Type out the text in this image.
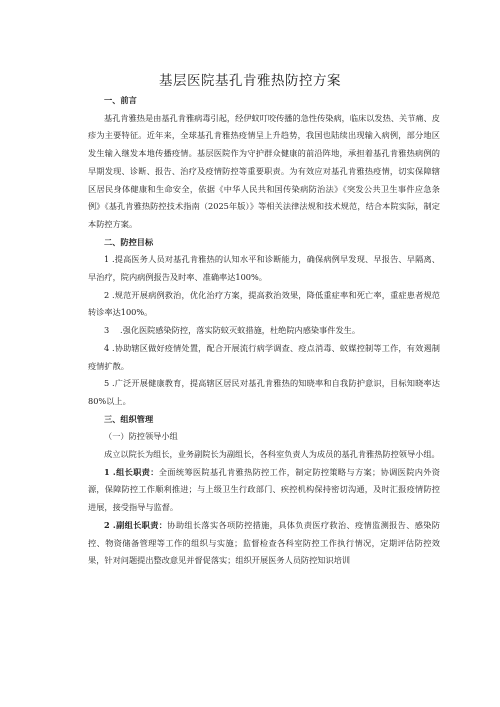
基层医院基孔肯雅热防控方案

一、前言

基孔肯雅热是由基孔肯雅病毒引起，经伊蚊叮咬传播的急性传染病，临床以发热、关节痛、皮疹为主要特征。近年来，全球基孔肯雅热疫情呈上升趋势，我国也陆续出现输入病例，部分地区发生输入继发本地传播疫情。基层医院作为守护群众健康的前沿阵地，承担着基孔肯雅热病例的早期发现、诊断、报告、治疗及疫情防控等重要职责。为有效应对基孔肯雅热疫情，切实保障辖区居民身体健康和生命安全，依据《中华人民共和国传染病防治法》《突发公共卫生事件应急条例》《基孔肯雅热防控技术指南（2025年版）》等相关法律法规和技术规范，结合本院实际，制定本防控方案。

二、防控目标

1 .提高医务人员对基孔肯雅热的认知水平和诊断能力，确保病例早发现、早报告、早隔离、早治疗，院内病例报告及时率、准确率达100%。

2 .规范开展病例救治，优化治疗方案，提高救治效果，降低重症率和死亡率，重症患者规范转诊率达100%。

3 　.强化医院感染防控，落实防蚊灭蚊措施，杜绝院内感染事件发生。

4 .协助辖区做好疫情处置，配合开展流行病学调查、疫点消毒、蚊媒控制等工作，有效遏制疫情扩散。

5 .广泛开展健康教育，提高辖区居民对基孔肯雅热的知晓率和自我防护意识，目标知晓率达80%以上。

三、组织管理

（一）防控领导小组

成立以院长为组长，业务副院长为副组长，各科室负责人为成员的基孔肯雅热防控领导小组。

1 .组长职责：全面统筹医院基孔肯雅热防控工作，制定防控策略与方案；协调医院内外资源，保障防控工作顺利推进；与上级卫生行政部门、疾控机构保持密切沟通，及时汇报疫情防控进展，接受指导与监督。

2 .副组长职责：协助组长落实各项防控措施，具体负责医疗救治、疫情监测报告、感染防控、物资储备管理等工作的组织与实施；监督检查各科室防控工作执行情况，定期评估防控效果，针对问题提出整改意见并督促落实；组织开展医务人员防控知识培训
